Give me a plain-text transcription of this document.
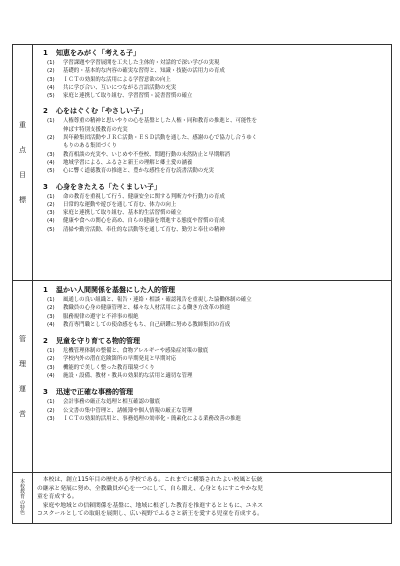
重
点
目
標
1 知恵をみがく「考える子」
(1) 学習課題や学習展開を工夫した主体的・対話的で深い学びの実現
(2) 基礎的・基本的な内容の確実な習得と、知識・技能の活用力の育成
(3) ＩＣＴの効果的な活用による学習意欲の向上
(4) 共に学び合い、互いにつながる言語活動の充実
(5) 家庭と連携して取り組む、学習習慣・読書習慣の確立
2 心をはぐくむ「やさしい子」
(1) 人権尊重の精神と思いやりの心を基盤とした人権・同和教育の推進と、可能性を
伸ばす特別支援教育の充実
(2) 異年齢集団活動やＪＲＣ活動・ＥＳＤ活動を通した、感謝の心で協力し合うゆく
もりのある集団づくり
(3) 教育相談の充実や、いじめや不登校、問題行動の未然防止と早期解消
(4) 地域学習による、ふるさと新王の理解と郷土愛の涵養
(5) 心に響く道徳教育の推進と、豊かな感性を育む読書活動の充実
3 心身をきたえる「たくましい子」
(1) 命の教育を重視して行う、健康安全に関する判断力や行動力の育成
(2) 日常的な運動や遊びを通して育む、体力の向上
(3) 家庭と連携して取り組む、基本的生活習慣の確立
(4) 健康や食への関心を高め、自らの健康を増進する態度や習慣の育成
(5) 清掃や勤労活動、奉仕的な活動等を通して育む、勤労と奉仕の精神
管
理
運
営
1 温かい人間関係を基盤にした人的管理
(1) 風通しの良い組織と、報告・連絡・相談・確認報告を重視した協働体制の確立
(2) 教職員の心身の健康管理と、様々な人材活用による働き方改革の推進
(3) 服務規律の遵守と不祥事の根絶
(4) 教育専門職としての使命感をもち、自己研鑽に努める教師集団の育成
2 児童を守り育てる物的管理
(1) 危機管理体制の整備と、食物アレルギーや感染症対策の徹底
(2) 学校内外の潜在危険箇所の早期発見と早期対応
(3) 機能的で美しく整った教育環境づくり
(4) 施設・設備、教材・教具の効果的な活用と適切な管理
3 迅速で正確な事務的管理
(1) 会計事務の厳正な処理と相互確認の徹底
(2) 公文書の集中管理と、諸帳簿や個人情報の厳正な管理
(3) ＩＣＴの効果的活用と、事務処理の効率化・簡素化による業務改善の推進
本
校
教
育
の
特
色
　本校は、創立115年目の歴史ある学校である。これまでに構築されたよい校風と伝統
の継承と発展に努め、全教職員が心を一つにして、自ら鍛え、心身ともにすこやかな児
童を育成する。
　家庭や地域との信頼関係を基盤に、地域に根ざした教育を推進するとともに、ユネス
コスクールとしての取組を展開し、広い視野でふるさと新王を愛する児童を育成する。
